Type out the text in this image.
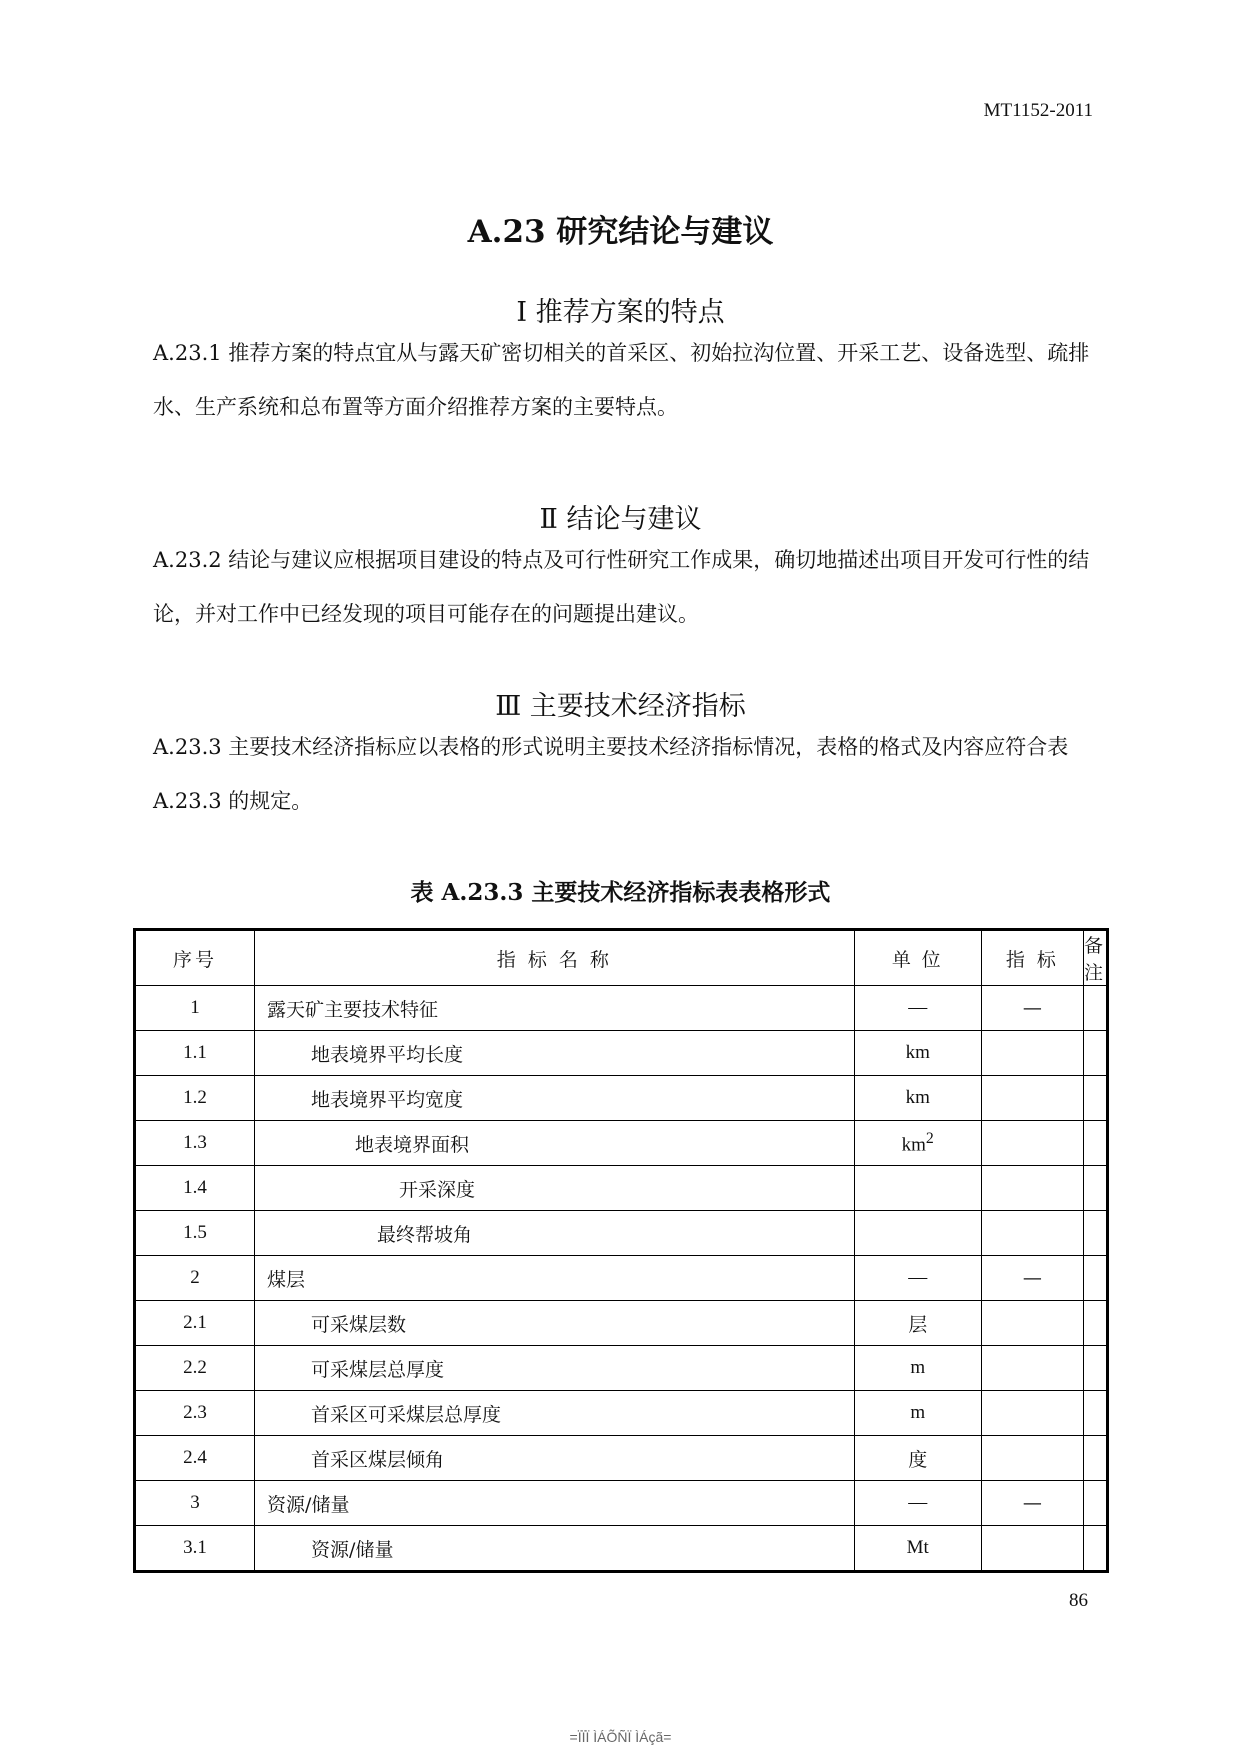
MT1152-2011
A.23 研究结论与建议
Ⅰ 推荐方案的特点
A.23.1 推荐方案的特点宜从与露天矿密切相关的首采区、初始拉沟位置、开采工艺、设备选型、疏排水、生产系统和总布置等方面介绍推荐方案的主要特点。
Ⅱ 结论与建议
A.23.2 结论与建议应根据项目建设的特点及可行性研究工作成果，确切地描述出项目开发可行性的结论，并对工作中已经发现的项目可能存在的问题提出建议。
Ⅲ 主要技术经济指标
A.23.3 主要技术经济指标应以表格的形式说明主要技术经济指标情况，表格的格式及内容应符合表 A.23.3 的规定。
表 A.23.3 主要技术经济指标表表格形式
序号	指 标 名 称	单 位	指 标	备 注
1	露天矿主要技术特征	—	—	
1.1	地表境界平均长度	km		
1.2	地表境界平均宽度	km		
1.3	地表境界面积	$km^2$		
1.4	开采深度			
1.5	最终帮坡角			
2	煤层	—	—	
2.1	可采煤层数	层		
2.2	可采煤层总厚度	m		
2.3	首采区可采煤层总厚度	m		
2.4	首采区煤层倾角	度		
3	资源/储量	—	—	
3.1	资源/储量	Mt		
86
=ÏÏÏ ÌÁÕÑÏ ÌÁçã=
